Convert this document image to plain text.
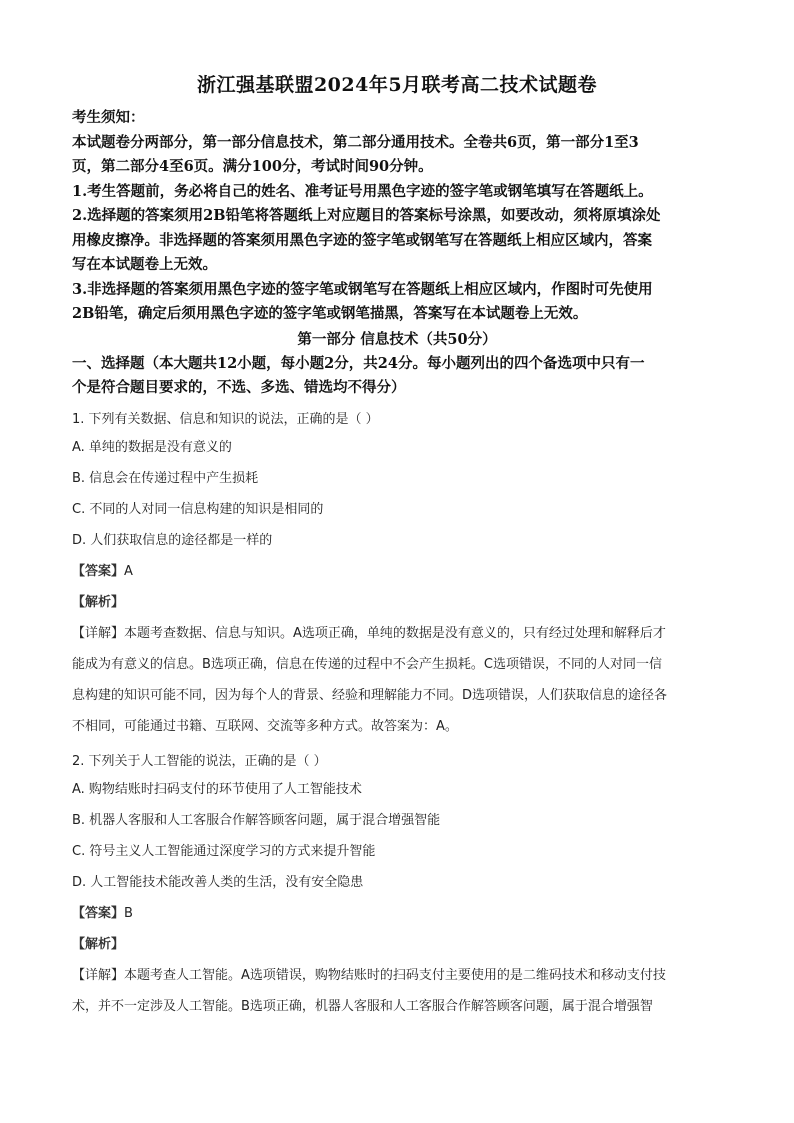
浙江强基联盟2024年5月联考高二技术试题卷
考生须知：
本试题卷分两部分，第一部分信息技术，第二部分通用技术。全卷共6页，第一部分1至3
页，第二部分4至6页。满分100分，考试时间90分钟。
1.考生答题前，务必将自己的姓名、准考证号用黑色字迹的签字笔或钢笔填写在答题纸上。
2.选择题的答案须用2B铅笔将答题纸上对应题目的答案标号涂黑，如要改动，须将原填涂处
用橡皮擦净。非选择题的答案须用黑色字迹的签字笔或钢笔写在答题纸上相应区域内，答案
写在本试题卷上无效。
3.非选择题的答案须用黑色字迹的签字笔或钢笔写在答题纸上相应区域内，作图时可先使用
2B铅笔，确定后须用黑色字迹的签字笔或钢笔描黑，答案写在本试题卷上无效。
第一部分 信息技术（共50分）
一、选择题（本大题共12小题，每小题2分，共24分。每小题列出的四个备选项中只有一
个是符合题目要求的，不选、多选、错选均不得分）
1. 下列有关数据、信息和知识的说法，正确的是（ ）
A. 单纯的数据是没有意义的
B. 信息会在传递过程中产生损耗
C. 不同的人对同一信息构建的知识是相同的
D. 人们获取信息的途径都是一样的
【答案】A
【解析】

【详解】本题考查数据、信息与知识。A选项正确，单纯的数据是没有意义的，只有经过处理和解释后才

能成为有意义的信息。B选项正确，信息在传递的过程中不会产生损耗。C选项错误，不同的人对同一信

息构建的知识可能不同，因为每个人的背景、经验和理解能力不同。D选项错误，人们获取信息的途径各

不相同，可能通过书籍、互联网、交流等多种方式。故答案为：A。

2. 下列关于人工智能的说法，正确的是（ ）
A. 购物结账时扫码支付的环节使用了人工智能技术
B. 机器人客服和人工客服合作解答顾客问题，属于混合增强智能
C. 符号主义人工智能通过深度学习的方式来提升智能
D. 人工智能技术能改善人类的生活，没有安全隐患
【答案】B
【解析】

【详解】本题考查人工智能。A选项错误，购物结账时的扫码支付主要使用的是二维码技术和移动支付技

术，并不一定涉及人工智能。B选项正确，机器人客服和人工客服合作解答顾客问题，属于混合增强智
